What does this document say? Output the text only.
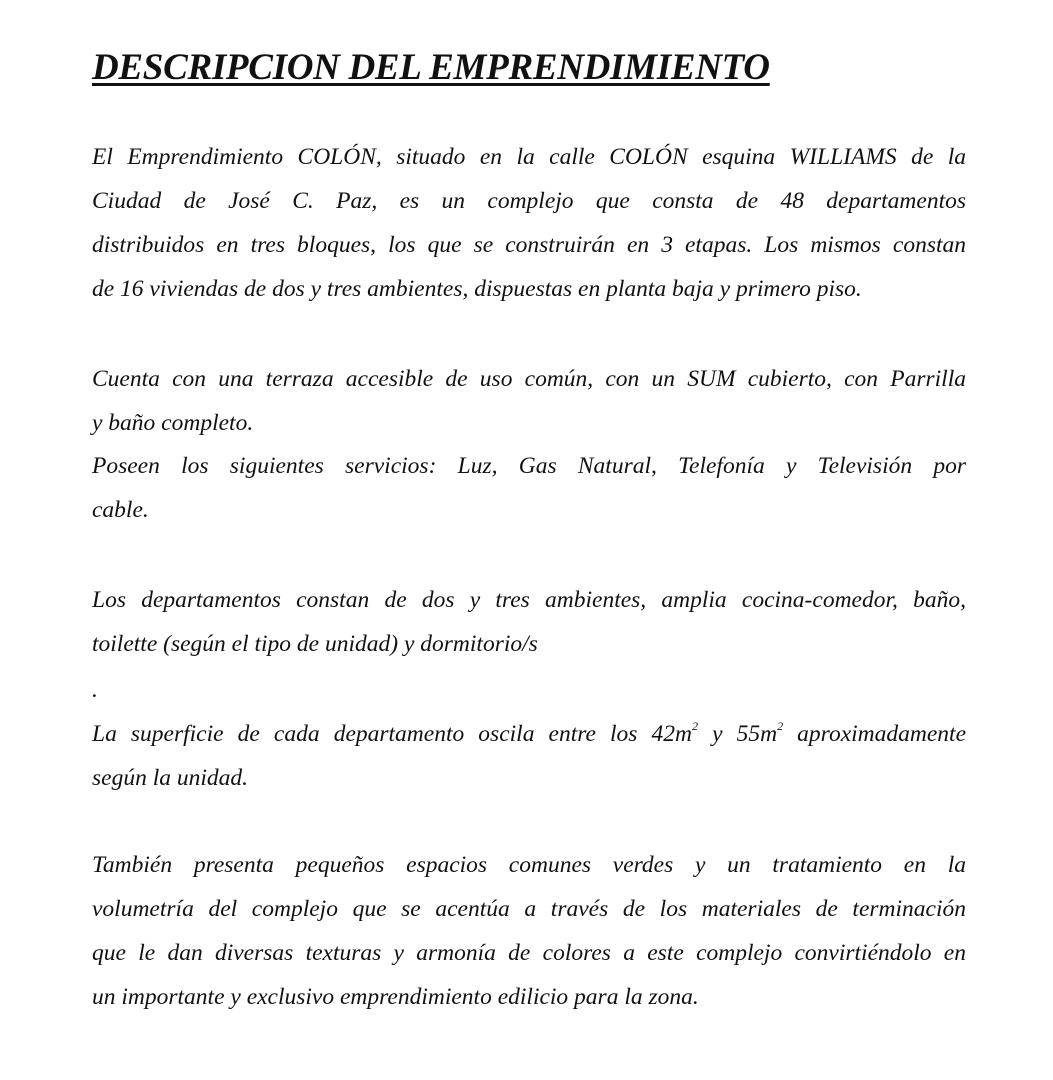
DESCRIPCION DEL EMPRENDIMIENTO
El Emprendimiento COLÓN, situado en la calle COLÓN esquina WILLIAMS de la
Ciudad de José C. Paz, es un complejo que consta de 48 departamentos
distribuidos en tres bloques, los que se construirán en 3 etapas. Los mismos constan
de 16 viviendas de dos y tres ambientes, dispuestas en planta baja y primero piso.
Cuenta con una terraza accesible de uso común, con un SUM cubierto, con Parrilla
y baño completo.
Poseen los siguientes servicios: Luz, Gas Natural, Telefonía y Televisión por
cable.
Los departamentos constan de dos y tres ambientes, amplia cocina-comedor, baño,
toilette (según el tipo de unidad) y dormitorio/s
.
La superficie de cada departamento oscila entre los $42m^2$ y $55m^2$ aproximadamente
según la unidad.
También presenta pequeños espacios comunes verdes y un tratamiento en la
volumetría del complejo que se acentúa a través de los materiales de terminación
que le dan diversas texturas y armonía de colores a este complejo convirtiéndolo en
un importante y exclusivo emprendimiento edilicio para la zona.
